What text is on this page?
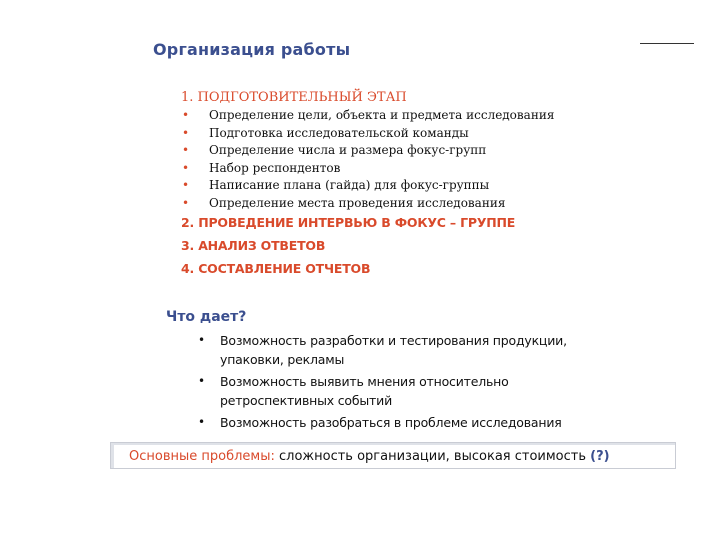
Организация работы
1. ПОДГОТОВИТЕЛЬНЫЙ ЭТАП
• Определение цели, объекта и предмета исследования
• Подготовка исследовательской команды
• Определение числа и размера фокус-групп
• Набор респондентов
• Написание плана (гайда) для фокус-группы
• Определение места проведения исследования
2. ПРОВЕДЕНИЕ ИНТЕРВЬЮ В ФОКУС – ГРУППЕ
3. АНАЛИЗ ОТВЕТОВ
4. СОСТАВЛЕНИЕ ОТЧЕТОВ
Что дает?
• Возможность разработки и тестирования продукции, упаковки, рекламы
• Возможность выявить мнения относительно ретроспективных событий
• Возможность разобраться в проблеме исследования
Основные проблемы: сложность организации, высокая стоимость (?)
